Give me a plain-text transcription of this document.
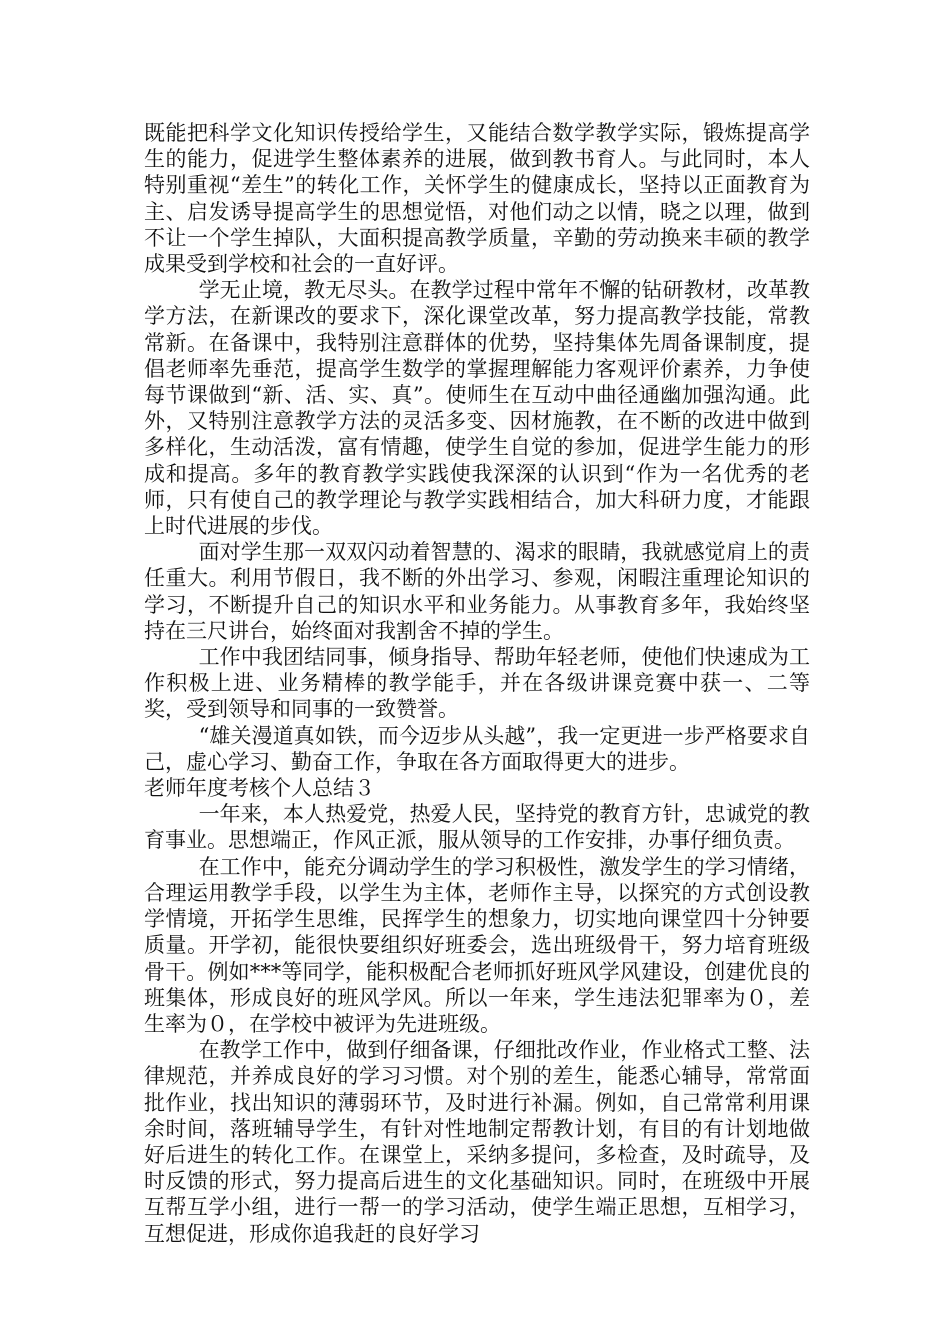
既能把科学文化知识传授给学生，又能结合数学教学实际，锻炼提高学生的能力，促进学生整体素养的进展，做到教书育人。与此同时，本人特别重视“差生”的转化工作，关怀学生的健康成长，坚持以正面教育为主、启发诱导提高学生的思想觉悟，对他们动之以情，晓之以理，做到不让一个学生掉队，大面积提高教学质量，辛勤的劳动换来丰硕的教学成果受到学校和社会的一直好评。

学无止境，教无尽头。在教学过程中常年不懈的钻研教材，改革教学方法，在新课改的要求下，深化课堂改革，努力提高教学技能，常教常新。在备课中，我特别注意群体的优势，坚持集体先周备课制度，提倡老师率先垂范，提高学生数学的掌握理解能力客观评价素养，力争使每节课做到“新、活、实、真”。使师生在互动中曲径通幽加强沟通。此外，又特别注意教学方法的灵活多变、因材施教，在不断的改进中做到多样化，生动活泼，富有情趣，使学生自觉的参加，促进学生能力的形成和提高。多年的教育教学实践使我深深的认识到“作为一名优秀的老师，只有使自己的教学理论与教学实践相结合，加大科研力度，才能跟上时代进展的步伐。

面对学生那一双双闪动着智慧的、渴求的眼睛，我就感觉肩上的责任重大。利用节假日，我不断的外出学习、参观，闲暇注重理论知识的学习，不断提升自己的知识水平和业务能力。从事教育多年，我始终坚持在三尺讲台，始终面对我割舍不掉的学生。

工作中我团结同事，倾身指导、帮助年轻老师，使他们快速成为工作积极上进、业务精棒的教学能手，并在各级讲课竞赛中获一、二等奖，受到领导和同事的一致赞誉。

“雄关漫道真如铁，而今迈步从头越”，我一定更进一步严格要求自己，虚心学习、勤奋工作，争取在各方面取得更大的进步。

老师年度考核个人总结３

一年来，本人热爱党，热爱人民，坚持党的教育方针，忠诚党的教育事业。思想端正，作风正派，服从领导的工作安排，办事仔细负责。

在工作中，能充分调动学生的学习积极性，激发学生的学习情绪，合理运用教学手段，以学生为主体，老师作主导，以探究的方式创设教学情境，开拓学生思维，民挥学生的想象力，切实地向课堂四十分钟要质量。开学初，能很快要组织好班委会，选出班级骨干，努力培育班级骨干。例如***等同学，能积极配合老师抓好班风学风建设，创建优良的班集体，形成良好的班风学风。所以一年来，学生违法犯罪率为０，差生率为０，在学校中被评为先进班级。

在教学工作中，做到仔细备课，仔细批改作业，作业格式工整、法律规范，并养成良好的学习习惯。对个别的差生，能悉心辅导，常常面批作业，找出知识的薄弱环节，及时进行补漏。例如，自己常常利用课余时间，落班辅导学生，有针对性地制定帮教计划，有目的有计划地做好后进生的转化工作。在课堂上，采纳多提问，多检查，及时疏导，及时反馈的形式，努力提高后进生的文化基础知识。同时，在班级中开展互帮互学小组，进行一帮一的学习活动，使学生端正思想，互相学习，互想促进，形成你追我赶的良好学习
